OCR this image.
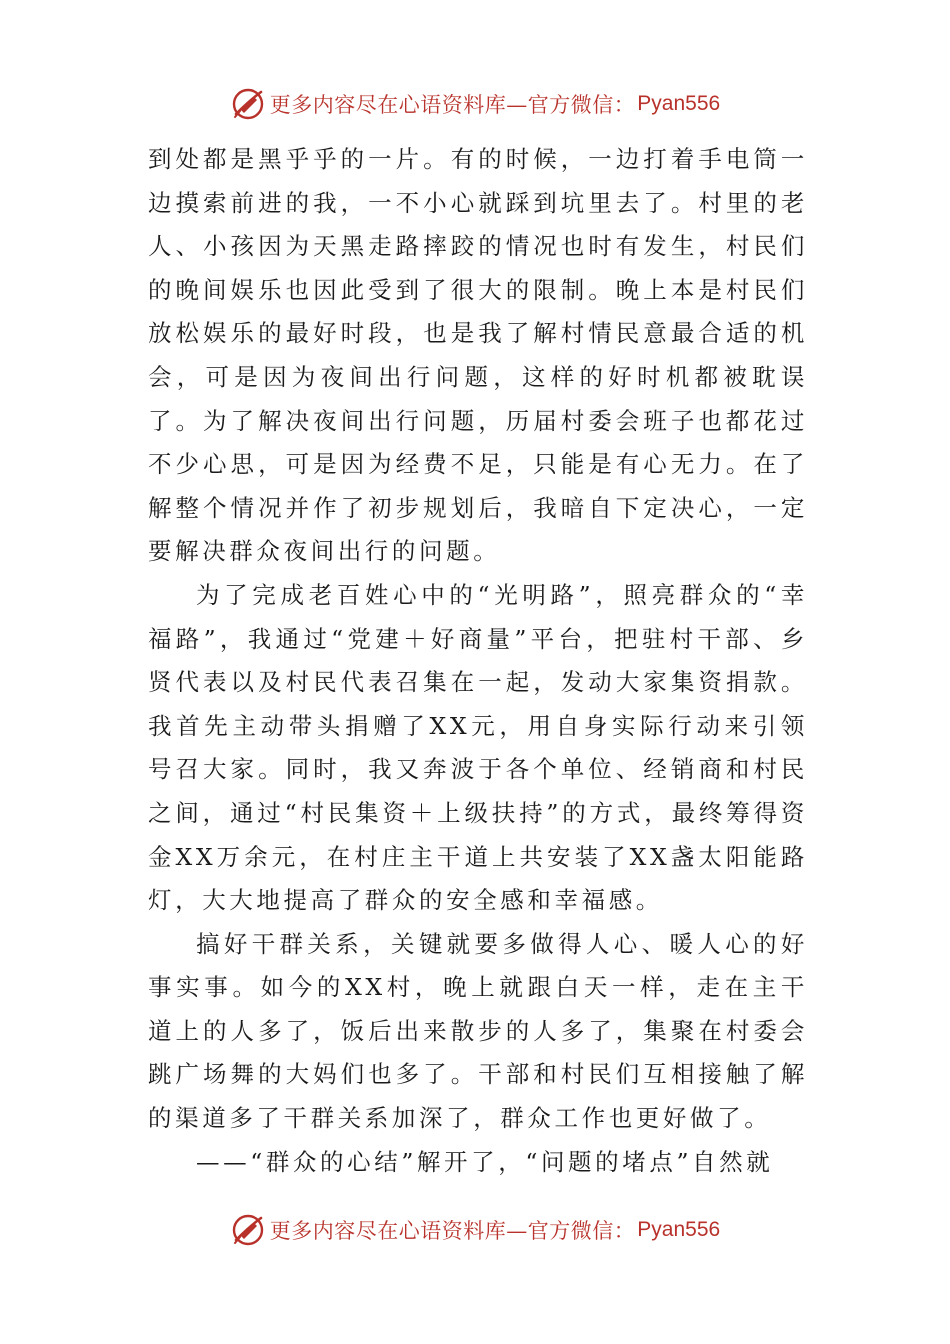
更多内容尽在心语资料库—官方微信： Pyan556

到处都是黑乎乎的一片。有的时候，一边打着手电筒一边摸索前进的我，一不小心就踩到坑里去了。村里的老人、小孩因为天黑走路摔跤的情况也时有发生，村民们的晚间娱乐也因此受到了很大的限制。晚上本是村民们放松娱乐的最好时段，也是我了解村情民意最合适的机会，可是因为夜间出行问题，这样的好时机都被耽误了。为了解决夜间出行问题，历届村委会班子也都花过不少心思，可是因为经费不足，只能是有心无力。在了解整个情况并作了初步规划后，我暗自下定决心，一定要解决群众夜间出行的问题。

为了完成老百姓心中的“光明路”，照亮群众的“幸福路”，我通过“党建＋好商量”平台，把驻村干部、乡贤代表以及村民代表召集在一起，发动大家集资捐款。我首先主动带头捐赠了XX元，用自身实际行动来引领号召大家。同时，我又奔波于各个单位、经销商和村民之间，通过“村民集资＋上级扶持”的方式，最终筹得资金XX万余元，在村庄主干道上共安装了XX盏太阳能路灯，大大地提高了群众的安全感和幸福感。

搞好干群关系，关键就要多做得人心、暖人心的好事实事。如今的XX村，晚上就跟白天一样，走在主干道上的人多了，饭后出来散步的人多了，集聚在村委会跳广场舞的大妈们也多了。干部和村民们互相接触了解的渠道多了干群关系加深了，群众工作也更好做了。

——“群众的心结”解开了，“问题的堵点”自然就

更多内容尽在心语资料库—官方微信： Pyan556
